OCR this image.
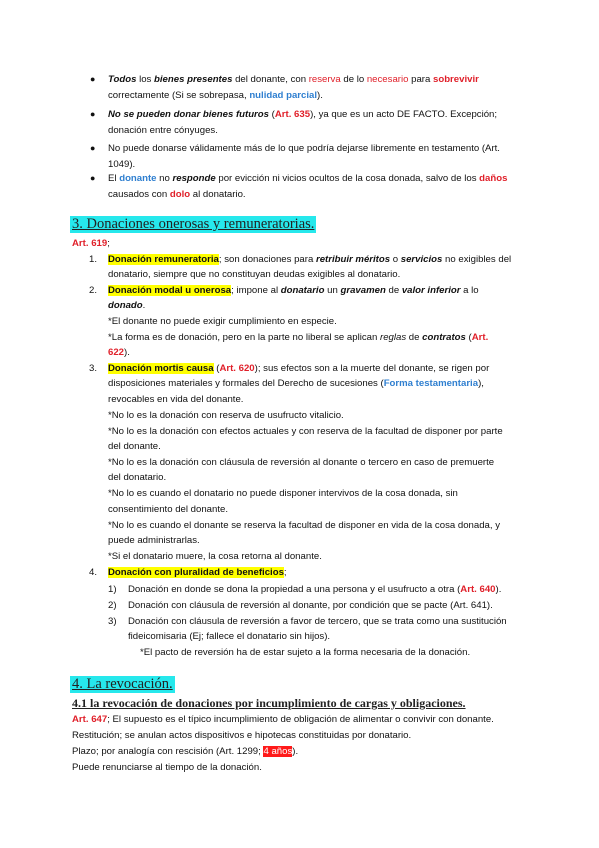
● Todos los bienes presentes del donante, con reserva de lo necesario para sobrevivir
correctamente (Si se sobrepasa, nulidad parcial).
● No se pueden donar bienes futuros (Art. 635), ya que es un acto DE FACTO. Excepción;
donación entre cónyuges.
● No puede donarse válidamente más de lo que podría dejarse libremente en testamento (Art.
1049).
● El donante no responde por evicción ni vicios ocultos de la cosa donada, salvo de los daños
causados con dolo al donatario.
3. Donaciones onerosas y remuneratorias.
Art. 619;
1. Donación remuneratoria; son donaciones para retribuir méritos o servicios no exigibles del
donatario, siempre que no constituyan deudas exigibles al donatario.
2. Donación modal u onerosa; impone al donatario un gravamen de valor inferior a lo
donado.
*El donante no puede exigir cumplimiento en especie.
*La forma es de donación, pero en la parte no liberal se aplican reglas de contratos (Art.
622).
3. Donación mortis causa (Art. 620); sus efectos son a la muerte del donante, se rigen por
disposiciones materiales y formales del Derecho de sucesiones (Forma testamentaria),
revocables en vida del donante.
*No lo es la donación con reserva de usufructo vitalicio.
*No lo es la donación con efectos actuales y con reserva de la facultad de disponer por parte
del donante.
*No lo es la donación con cláusula de reversión al donante o tercero en caso de premuerte
del donatario.
*No lo es cuando el donatario no puede disponer intervivos de la cosa donada, sin
consentimiento del donante.
*No lo es cuando el donante se reserva la facultad de disponer en vida de la cosa donada, y
puede administrarlas.
*Si el donatario muere, la cosa retorna al donante.
4. Donación con pluralidad de beneficios;
1) Donación en donde se dona la propiedad a una persona y el usufructo a otra (Art. 640).
2) Donación con cláusula de reversión al donante, por condición que se pacte (Art. 641).
3) Donación con cláusula de reversión a favor de tercero, que se trata como una sustitución
fideicomisaria (Ej; fallece el donatario sin hijos).
*El pacto de reversión ha de estar sujeto a la forma necesaria de la donación.
4. La revocación.
4.1 la revocación de donaciones por incumplimiento de cargas y obligaciones.
Art. 647; El supuesto es el típico incumplimiento de obligación de alimentar o convivir con donante.
Restitución; se anulan actos dispositivos e hipotecas constituidas por donatario.
Plazo; por analogía con rescisión (Art. 1299; 4 años).
Puede renunciarse al tiempo de la donación.
